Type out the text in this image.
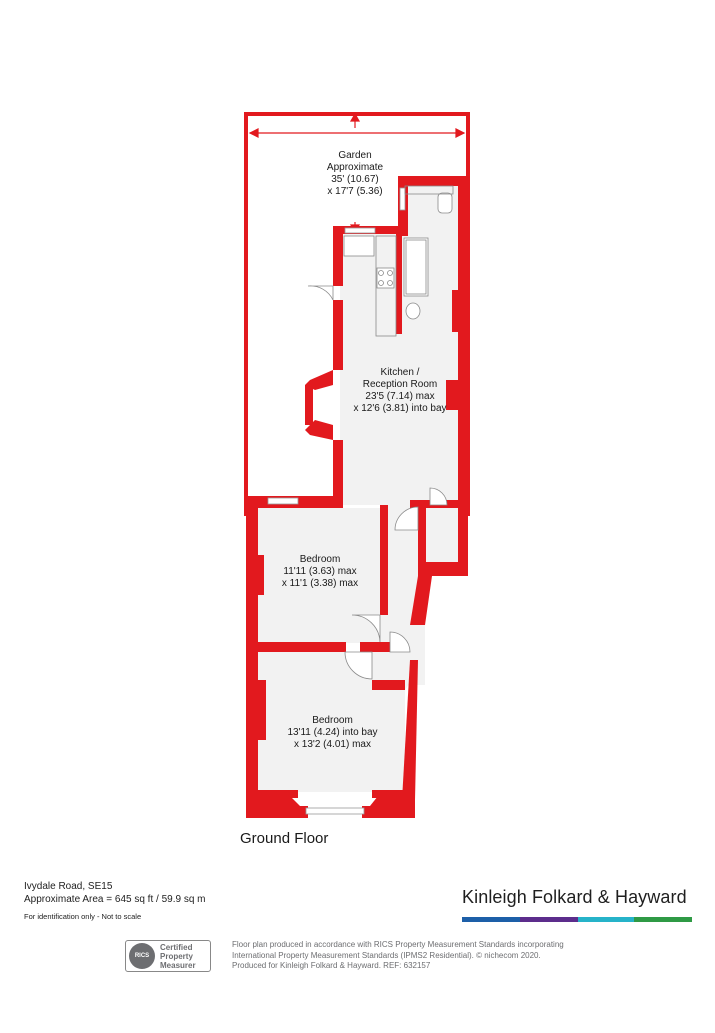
Garden
Approximate
35' (10.67)
x 17'7 (5.36)
Kitchen /
Reception Room
23'5 (7.14) max
x 12'6 (3.81) into bay
Bedroom
11'11 (3.63) max
x 11'1 (3.38) max
Bedroom
13'11 (4.24) into bay
x 13'2 (4.01) max
Ground Floor
Ivydale Road, SE15
Approximate Area = 645 sq ft / 59.9 sq m
For identification only - Not to scale
Kinleigh Folkard & Hayward
RICS
Certified
Property
Measurer
Floor plan produced in accordance with RICS Property Measurement Standards incorporating
International Property Measurement Standards (IPMS2 Residential). © nichecom 2020.
Produced for Kinleigh Folkard & Hayward. REF: 632157
